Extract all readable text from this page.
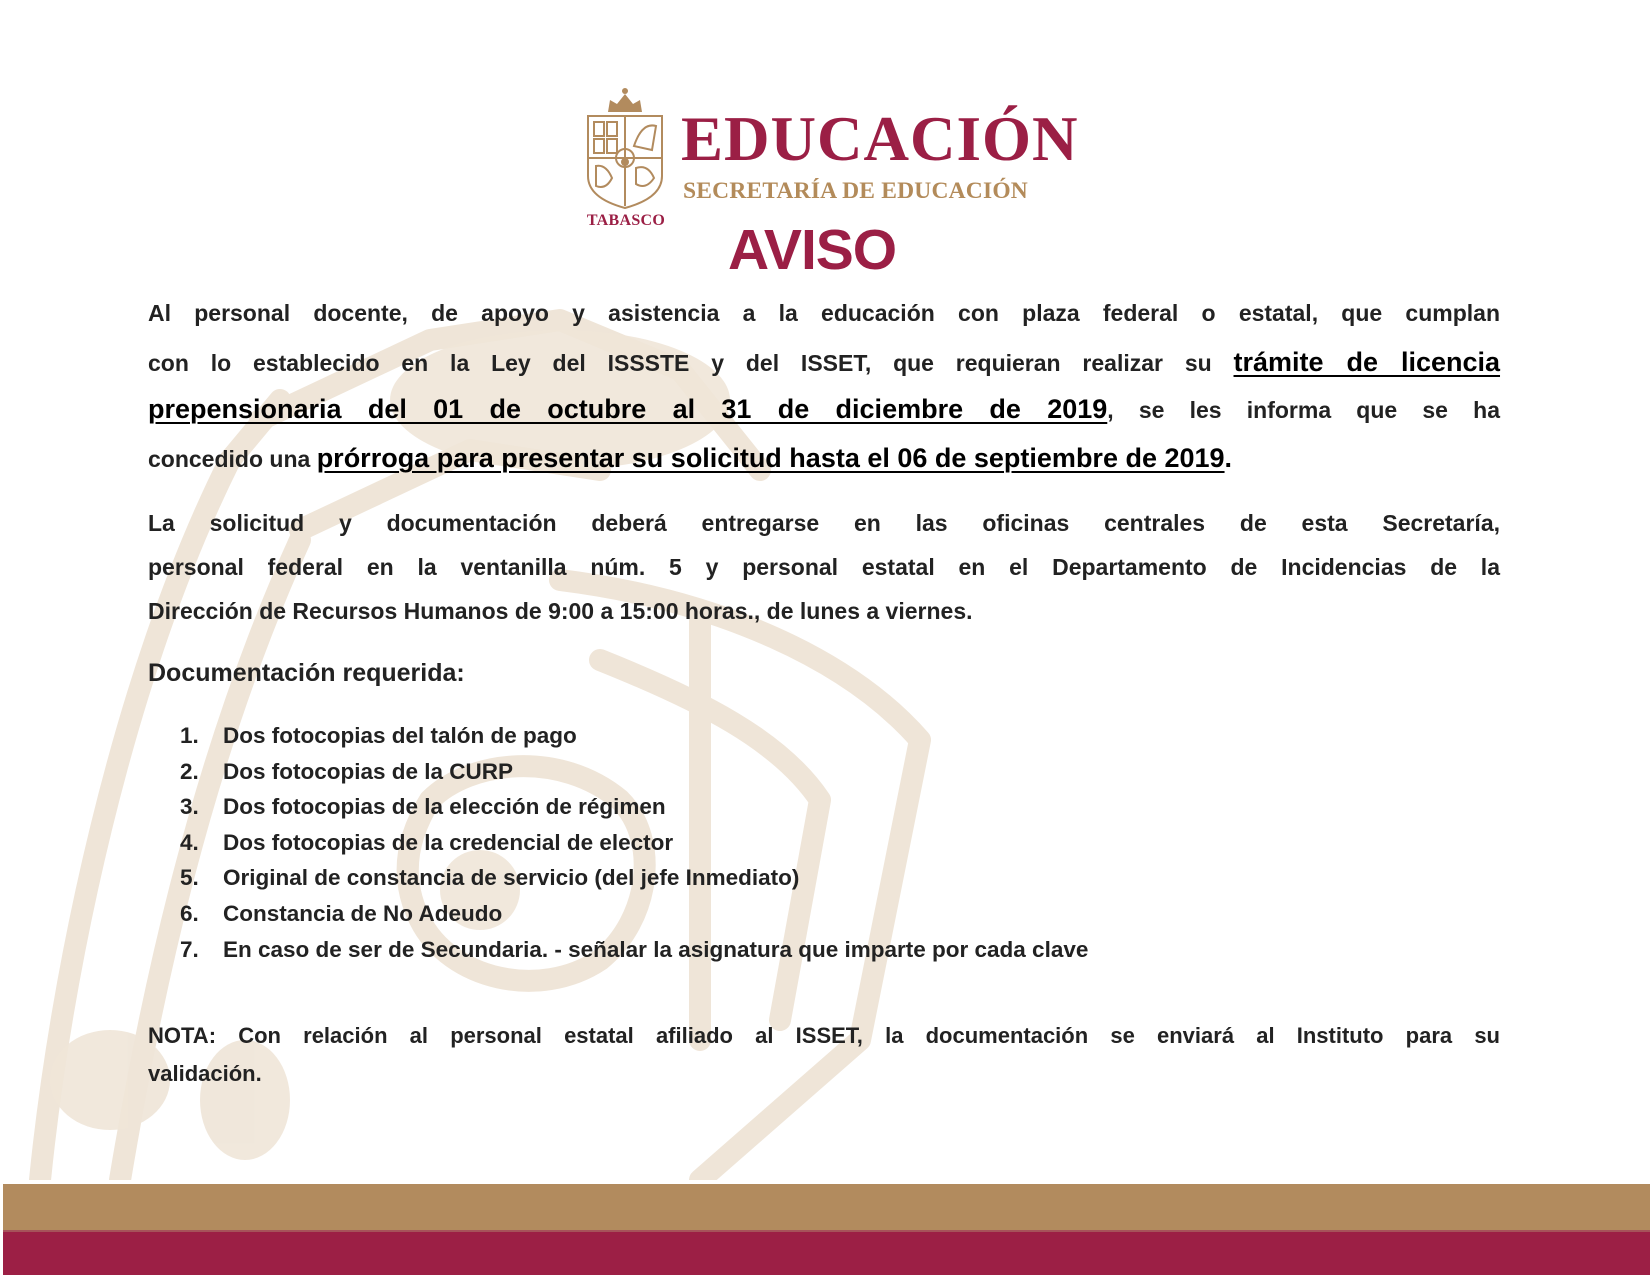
TABASCO
EDUCACIÓN
SECRETARÍA DE EDUCACIÓN
AVISO
Al personal docente, de apoyo y asistencia a la educación con plaza federal o estatal, que cumplan
con lo establecido en la Ley del ISSSTE y del ISSET, que requieran realizar su trámite de licencia
prepensionaria del 01 de octubre al 31 de diciembre de 2019, se les informa que se ha
concedido una prórroga para presentar su solicitud hasta el 06 de septiembre de 2019.
La solicitud y documentación deberá entregarse en las oficinas centrales de esta Secretaría,
personal federal en la ventanilla núm. 5 y personal estatal en el Departamento de Incidencias de la
Dirección de Recursos Humanos de 9:00 a 15:00 horas., de lunes a viernes.
Documentación requerida:
1. Dos fotocopias del talón de pago
2. Dos fotocopias de la CURP
3. Dos fotocopias de la elección de régimen
4. Dos fotocopias de la credencial de elector
5. Original de constancia de servicio (del jefe Inmediato)
6. Constancia de No Adeudo
7. En caso de ser de Secundaria. - señalar la asignatura que imparte por cada clave
NOTA: Con relación al personal estatal afiliado al ISSET, la documentación se enviará al Instituto para su
validación.
